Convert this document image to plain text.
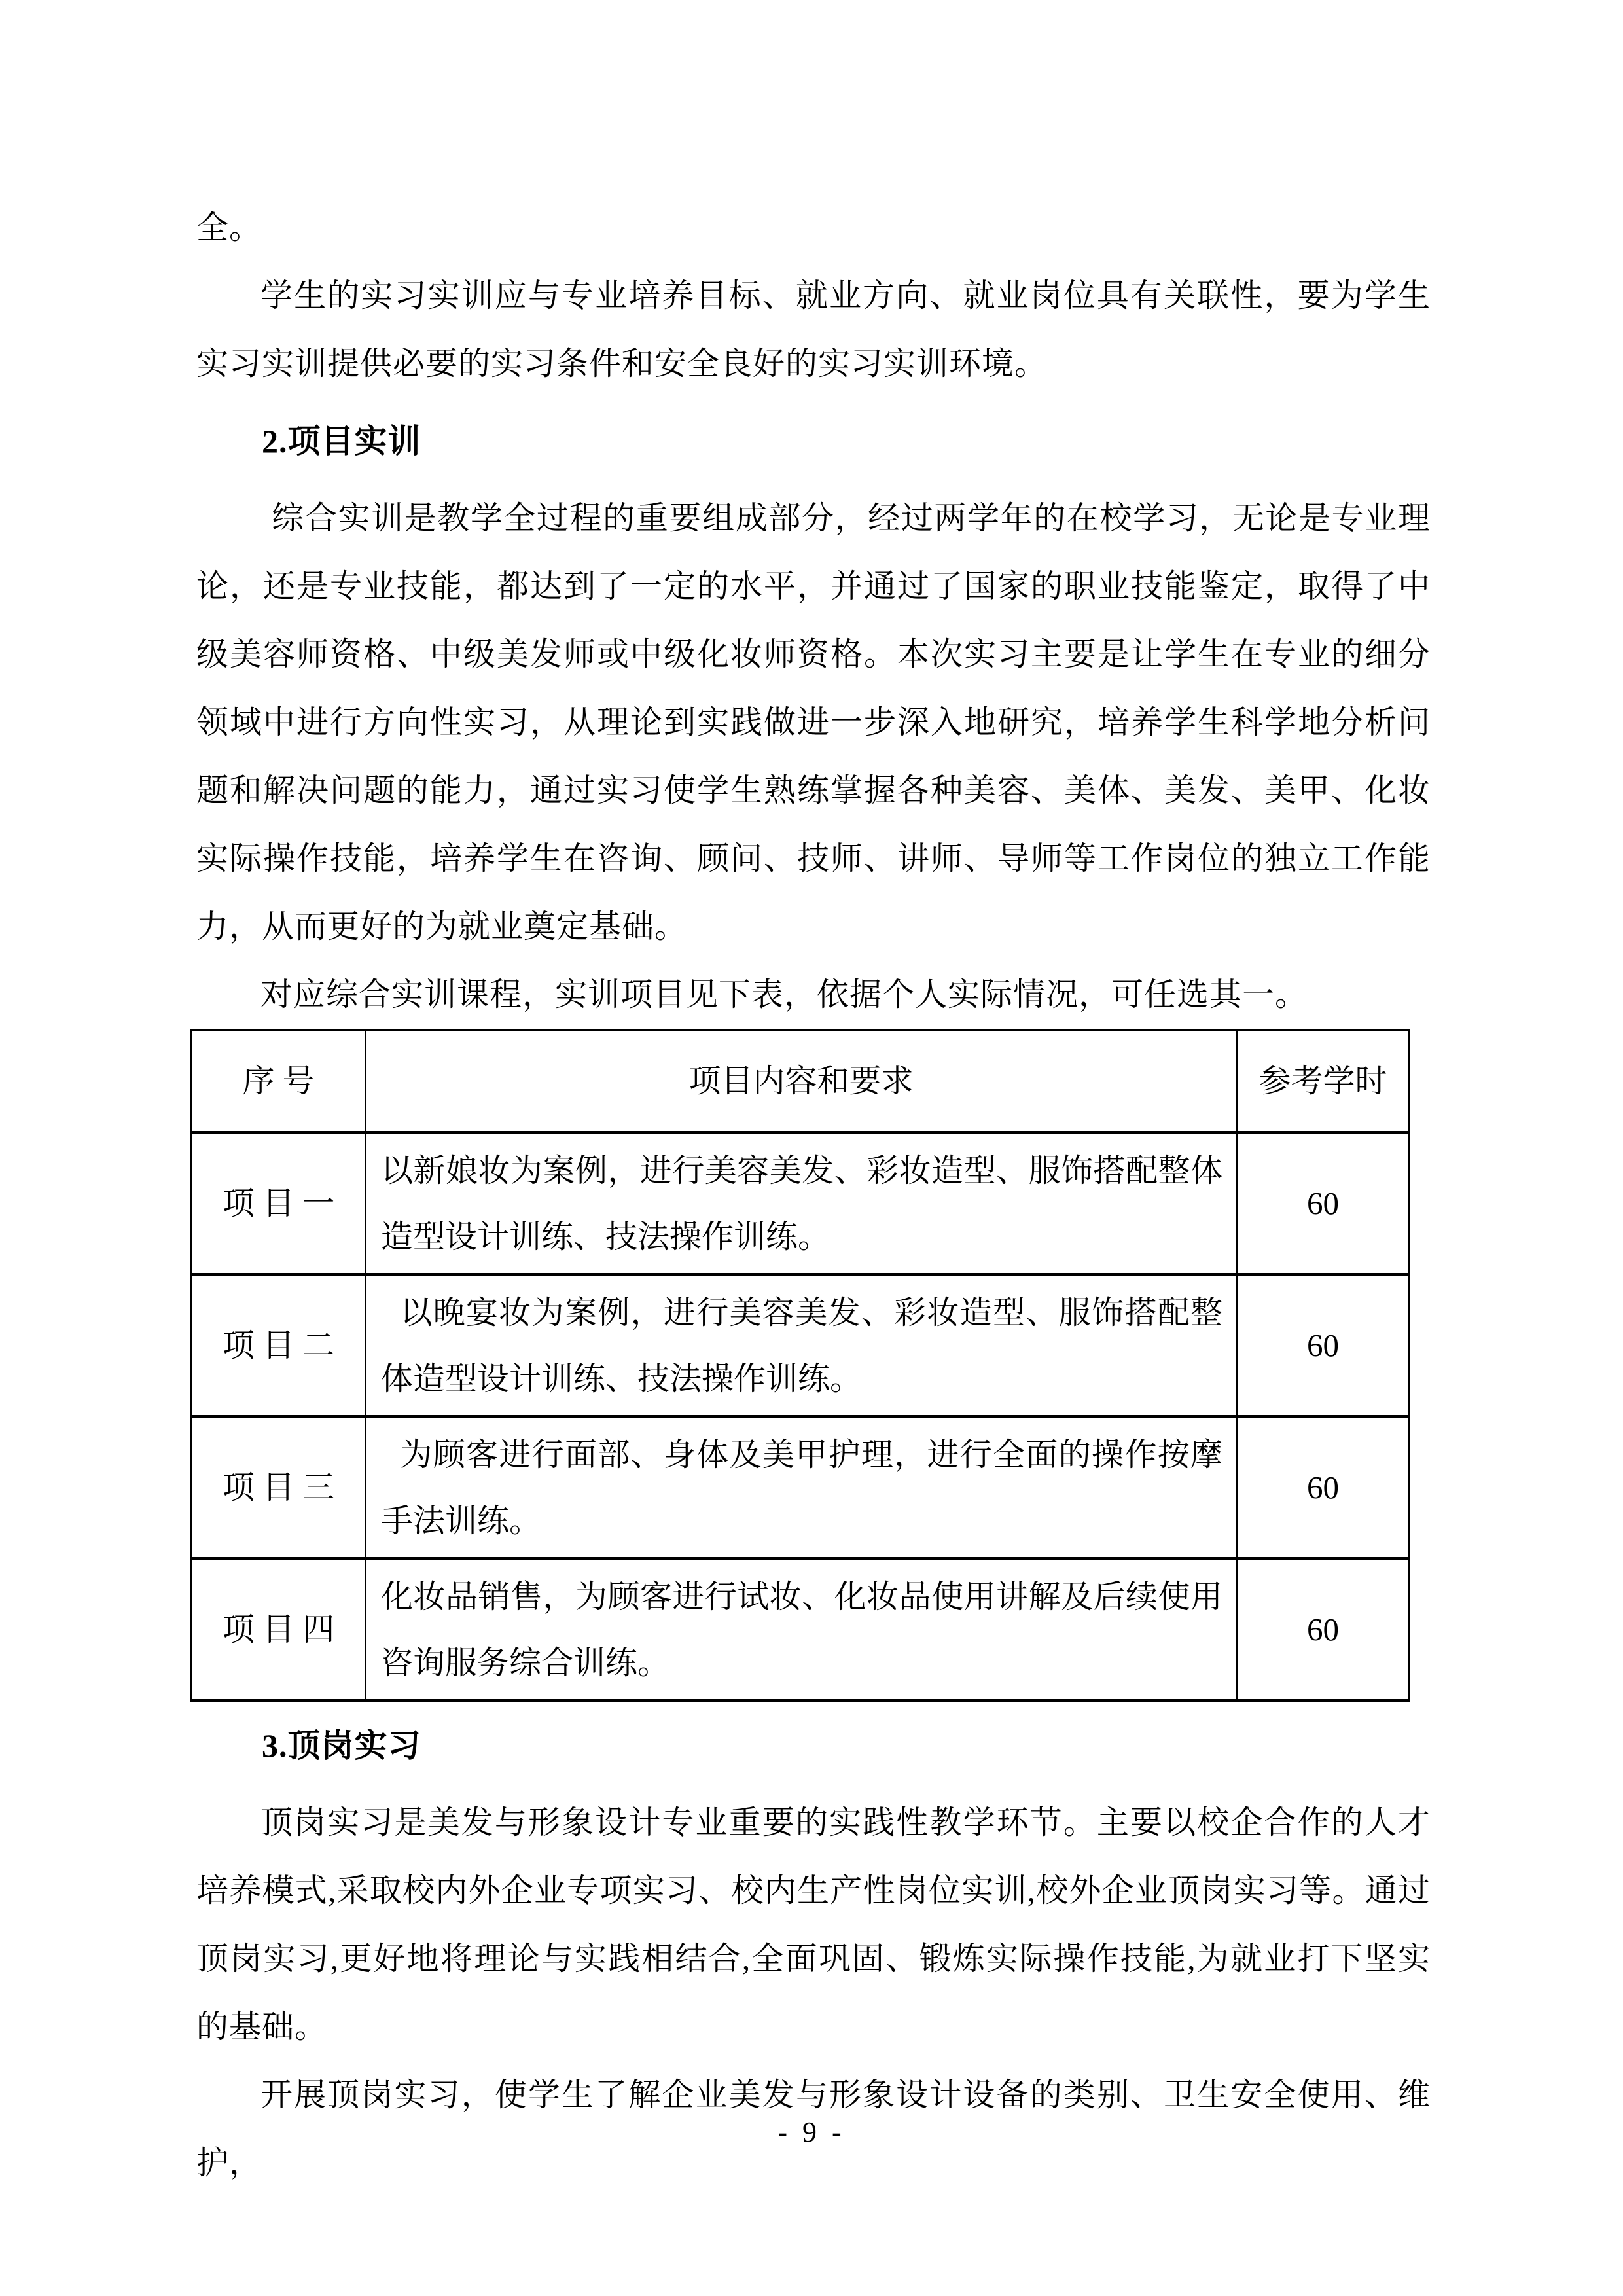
全。

学生的实习实训应与专业培养目标、就业方向、就业岗位具有关联性，要为学生实习实训提供必要的实习条件和安全良好的实习实训环境。

2.项目实训

综合实训是教学全过程的重要组成部分，经过两学年的在校学习，无论是专业理论，还是专业技能，都达到了一定的水平，并通过了国家的职业技能鉴定，取得了中级美容师资格、中级美发师或中级化妆师资格。本次实习主要是让学生在专业的细分领域中进行方向性实习，从理论到实践做进一步深入地研究，培养学生科学地分析问题和解决问题的能力，通过实习使学生熟练掌握各种美容、美体、美发、美甲、化妆实际操作技能，培养学生在咨询、顾问、技师、讲师、导师等工作岗位的独立工作能力，从而更好的为就业奠定基础。

对应综合实训课程，实训项目见下表，依据个人实际情况，可任选其一。

序号	项目内容和要求	参考学时
项目一	以新娘妆为案例，进行美容美发、彩妆造型、服饰搭配整体造型设计训练、技法操作训练。	60
项目二	以晚宴妆为案例，进行美容美发、彩妆造型、服饰搭配整体造型设计训练、技法操作训练。	60
项目三	为顾客进行面部、身体及美甲护理，进行全面的操作按摩手法训练。	60
项目四	化妆品销售，为顾客进行试妆、化妆品使用讲解及后续使用咨询服务综合训练。	60
3.顶岗实习

顶岗实习是美发与形象设计专业重要的实践性教学环节。主要以校企合作的人才培养模式,采取校内外企业专项实习、校内生产性岗位实训,校外企业顶岗实习等。通过顶岗实习,更好地将理论与实践相结合,全面巩固、锻炼实际操作技能,为就业打下坚实的基础。

开展顶岗实习，使学生了解企业美发与形象设计设备的类别、卫生安全使用、维护，

- 9 -
